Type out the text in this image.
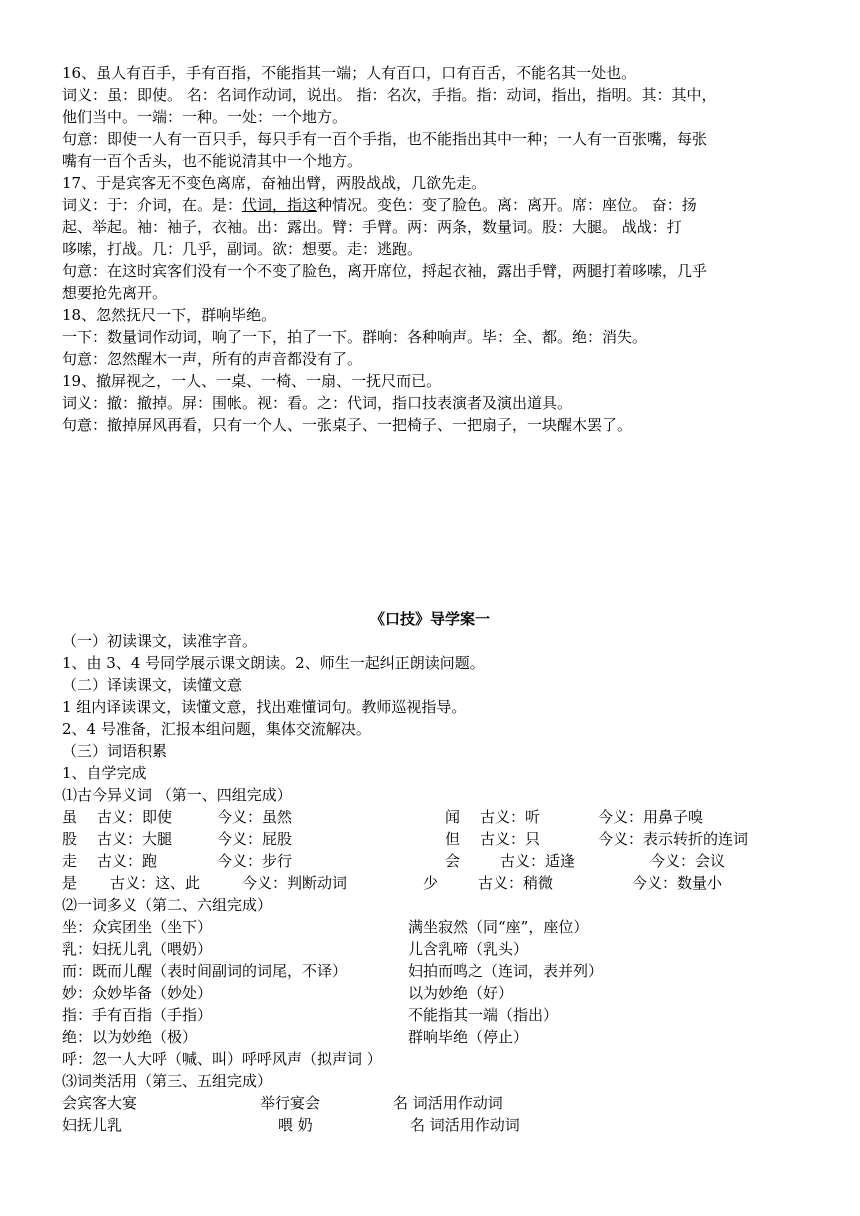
16、虽人有百手，手有百指，不能指其一端；人有百口，口有百舌，不能名其一处也。
词义：虽：即使。 名：名词作动词，说出。 指：名次，手指。指：动词，指出，指明。其：其中，
他们当中。一端：一种。一处：一个地方。
句意：即使一人有一百只手，每只手有一百个手指，也不能指出其中一种；一人有一百张嘴，每张
嘴有一百个舌头，也不能说清其中一个地方。
17、于是宾客无不变色离席，奋袖出臂，两股战战，几欲先走。
词义：于：介词，在。是：代词，指这种情况。变色：变了脸色。离：离开。席：座位。 奋：扬
起、举起。袖：袖子，衣袖。出：露出。臂：手臂。两：两条，数量词。股：大腿。 战战：打
哆嗦，打战。几：几乎，副词。欲：想要。走：逃跑。
句意：在这时宾客们没有一个不变了脸色，离开席位，捋起衣袖，露出手臂，两腿打着哆嗦，几乎
想要抢先离开。
18、忽然抚尺一下，群响毕绝。
一下：数量词作动词，响了一下，拍了一下。群响：各种响声。毕：全、都。绝：消失。
句意：忽然醒木一声，所有的声音都没有了。
19、撤屏视之，一人、一桌、一椅、一扇、一抚尺而已。
词义：撤：撤掉。屏：围帐。视：看。之：代词，指口技表演者及演出道具。
句意：撤掉屏风再看，只有一个人、一张桌子、一把椅子、一把扇子，一块醒木罢了。
《口技》导学案一
（一）初读课文，读准字音。
1、由 3、4 号同学展示课文朗读。2、师生一起纠正朗读问题。
（二）译读课文，读懂文意
1 组内译读课文，读懂文意，找出难懂词句。教师巡视指导。
2、4 号准备，汇报本组问题，集体交流解决。
（三）词语积累
1、自学完成
⑴古今异义词 （第一、四组完成）
虽 古义：即使	今义：虽然	闻 古义：听	今义：用鼻子嗅
股 古义：大腿	今义：屁股	但 古义：只	今义：表示转折的连词
走 古义：跑	今义：步行	会	古义：适逢	今义：会议
是 古义：这、此	今义：判断动词	少	古义：稍微	今义：数量小
⑵一词多义（第二、六组完成）
坐：众宾团坐（坐下）	满坐寂然（同“座”，座位）
乳：妇抚儿乳（喂奶）	儿含乳啼（乳头）
而：既而儿醒（表时间副词的词尾，不译）	妇拍而鸣之（连词，表并列）
妙：众妙毕备（妙处）	以为妙绝（好）
指：手有百指（手指）	不能指其一端（指出）
绝：以为妙绝（极）	群响毕绝（停止）
呼：忽一人大呼（喊、叫）呼呼风声（拟声词 ）
⑶词类活用（第三、五组完成）
会宾客大宴	举行宴会	名 词活用作动词
妇抚儿乳	喂 奶	名 词活用作动词
